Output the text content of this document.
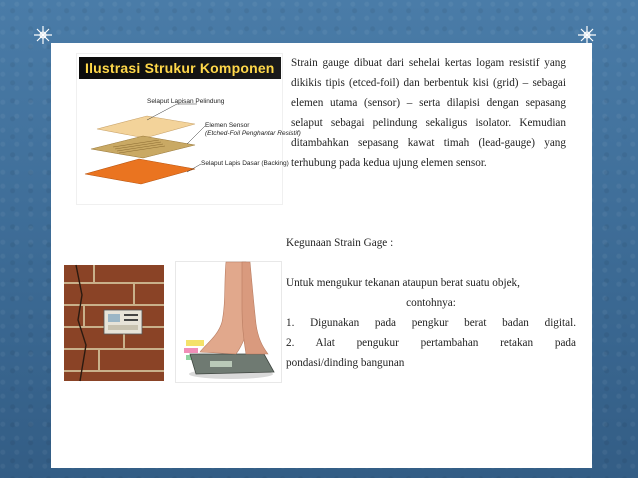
Ilustrasi Strukur Komponen
Selaput Lapisan Pelindung
Elemen Sensor
(Etched-Foil Penghantar Resistif)
Selaput Lapis Dasar (Backing)

Strain gauge dibuat dari sehelai kertas logam resistif yang dikikis tipis (etced-foil) dan berbentuk kisi (grid) – sebagai elemen utama (sensor) – serta dilapisi dengan sepasang selaput sebagai pelindung sekaligus isolator. Kemudian ditambahkan sepasang kawat timah (lead-gauge) yang terhubung pada kedua ujung elemen sensor.

Kegunaan Strain Gage :
Untuk mengukur tekanan ataupun berat suatu objek,
contohnya:
1. Digunakan pada pengkur berat badan digital.
2.  Alat  pengukur  pertambahan  retakan  pada
pondasi/dinding bangunan
